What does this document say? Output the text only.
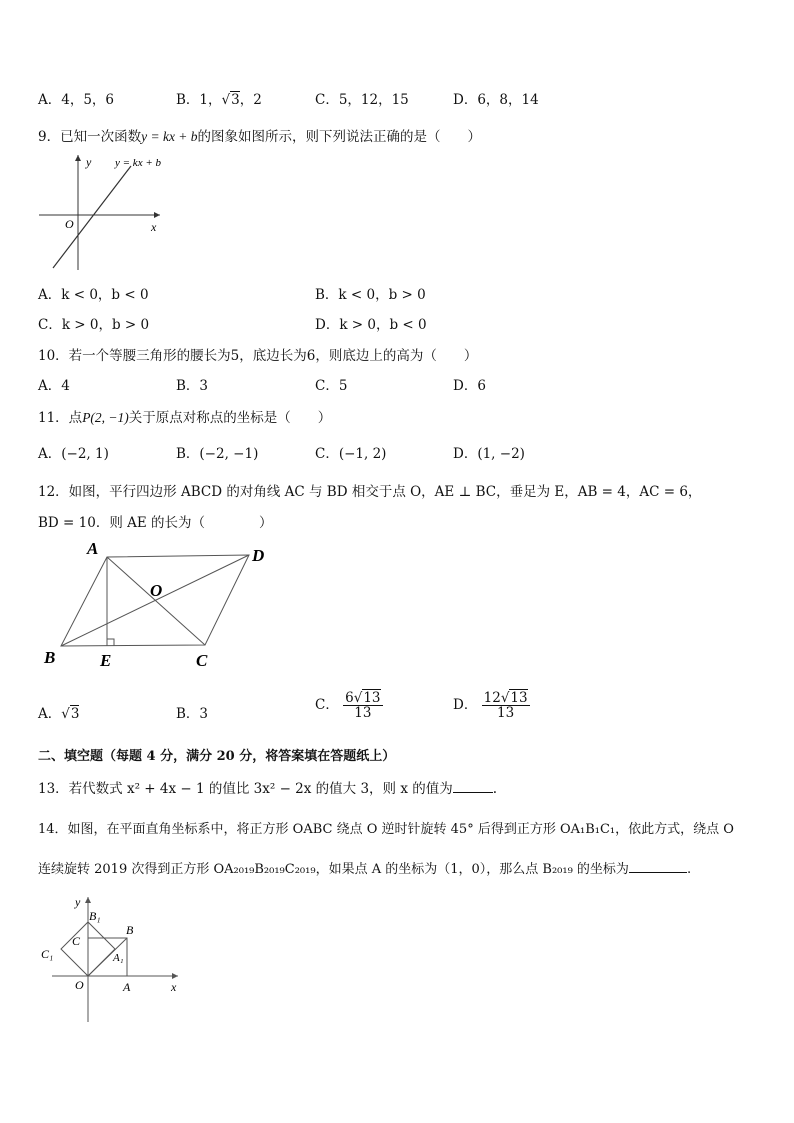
A．4，5，6	B．1，√3，2	C．5，12，15	D．6，8，14
9．已知一次函数y = kx + b的图象如图所示，则下列说法正确的是（　　）
y y = kx + b
O	x
A．k < 0，b < 0	B．k < 0，b > 0
C．k > 0，b > 0	D．k > 0，b < 0
10．若一个等腰三角形的腰长为5，底边长为6，则底边上的高为（　　）
A．4	B．3	C．5	D．6
11．点P(2, −1)关于原点对称点的坐标是（　　）
A．(−2, 1)	B．(−2, −1)	C．(−1, 2)	D．(1, −2)
12．如图，平行四边形 ABCD 的对角线 AC 与 BD 相交于点 O，AE ⊥ BC，垂足为 E，AB = 4，AC = 6，
BD = 10．则 AE 的长为（　　　　）
A	D
O
B	E	C
A．√3	B．3
C． $\frac{6√13}{13}$	D． $\frac{12√13}{13}$
二、填空题（每题 4 分，满分 20 分，将答案填在答题纸上）
13．若代数式 x² + 4x − 1 的值比 3x² − 2x 的值大 3，则 x 的值为	.
14．如图，在平面直角坐标系中，将正方形 OABC 绕点 O 逆时针旋转 45° 后得到正方形 OA₁B₁C₁，依此方式，绕点 O
连续旋转 2019 次得到正方形 OA₂₀₁₉B₂₀₁₉C₂₀₁₉，如果点 A 的坐标为（1，0），那么点 B₂₀₁₉ 的坐标为	.
y
B₁
B
C
C₁	A₁
O	A	x
